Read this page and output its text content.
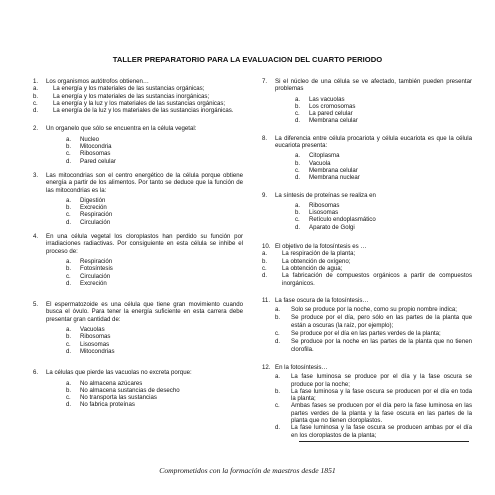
TALLER PREPARATORIO PARA LA EVALUACION DEL CUARTO PERIODO
1. Los organismos autótrofos obtienen…
a. La energía y los materiales de las sustancias orgánicas;
b. La energía y los materiales de las sustancias inorgánicas;
c.	La energía y la luz y los materiales de las sustancias orgánicas;
d. La energía de la luz y los materiales de las sustancias inorgánicas.
2. Un organelo que sólo se encuentra en la célula vegetal:
a. Nucleo
b. Mitocondria
c. Ribosomas
d. Pared celular
3. Las mitocondrias son el centro energético de la célula porque obtiene energía a partir de los alimentos. Por tanto se deduce que la función de las mitocondrias es la:
a. Digestión
b. Excreción
c. Respiración
d. Circulación
4. En una célula vegetal los cloroplastos han perdido su función por irradiaciones radiactivas. Por consiguiente en esta célula se inhibe el proceso de:
a. Respiración
b. Fotosíntesis
c. Circulación
d. Excreción
5. El espermatozoide es una célula que tiene gran movimiento cuando busca el óvulo. Para tener la energía suficiente en esta carrera debe presentar gran cantidad de:
a. Vacuolas
b. Ribosomas
c. Lisosomas
d. Mitocondrias
6. La células que pierde las vacuolas no excreta porque:
a. No almacena azúcares
b. No almacena sustancias de desecho
c. No transporta las sustancias
d. No fabrica proteínas
7. Si el núcleo de una célula se ve afectado, también pueden presentar problemas
a. Las vacuolas
b. Los cromosomas
c. La pared celular
d. Membrana celular
8. La diferencia entre célula procariota y célula eucariota es que la célula eucariota presenta:
a. Citoplasma
b. Vacuola
c. Membrana celular
d. Membrana nuclear
9. La síntesis de proteínas se realiza en
a. Ribosomas
b. Lisosomas
c. Retículo endoplasmático
d. Aparato de Golgi
10. El objetivo de la fotosíntesis es …
a. La respiración de la planta;
b. La obtención de oxígeno;
c.	La obtención de agua;
d. La fabricación de compuestos orgánicos a partir de compuestos inorgánicos.
11. La fase oscura de la fotosíntesis…
a. Solo se produce por la noche, como su propio nombre indica;
b. Se produce por el día, pero sólo en las partes de la planta que están a oscuras (la raíz, por ejemplo);
c. Se produce por el día en las partes verdes de la planta;
d. Se produce por la noche en las partes de la planta que no tienen clorofila.
12. En la fotosíntesis…
a. La fase luminosa se produce por el día y la fase oscura se produce por la noche;
b. La fase luminosa y la fase oscura se producen por el día en toda la planta;
c. Ambas fases se producen por el día pero la fase luminosa en las partes verdes de la planta y la fase oscura en las partes de la planta que no tienen cloroplastos.
d. La fase luminosa y la fase oscura se producen ambas por el día en los cloroplastos de la planta;
Comprometidos con la formación de maestros desde 1851
